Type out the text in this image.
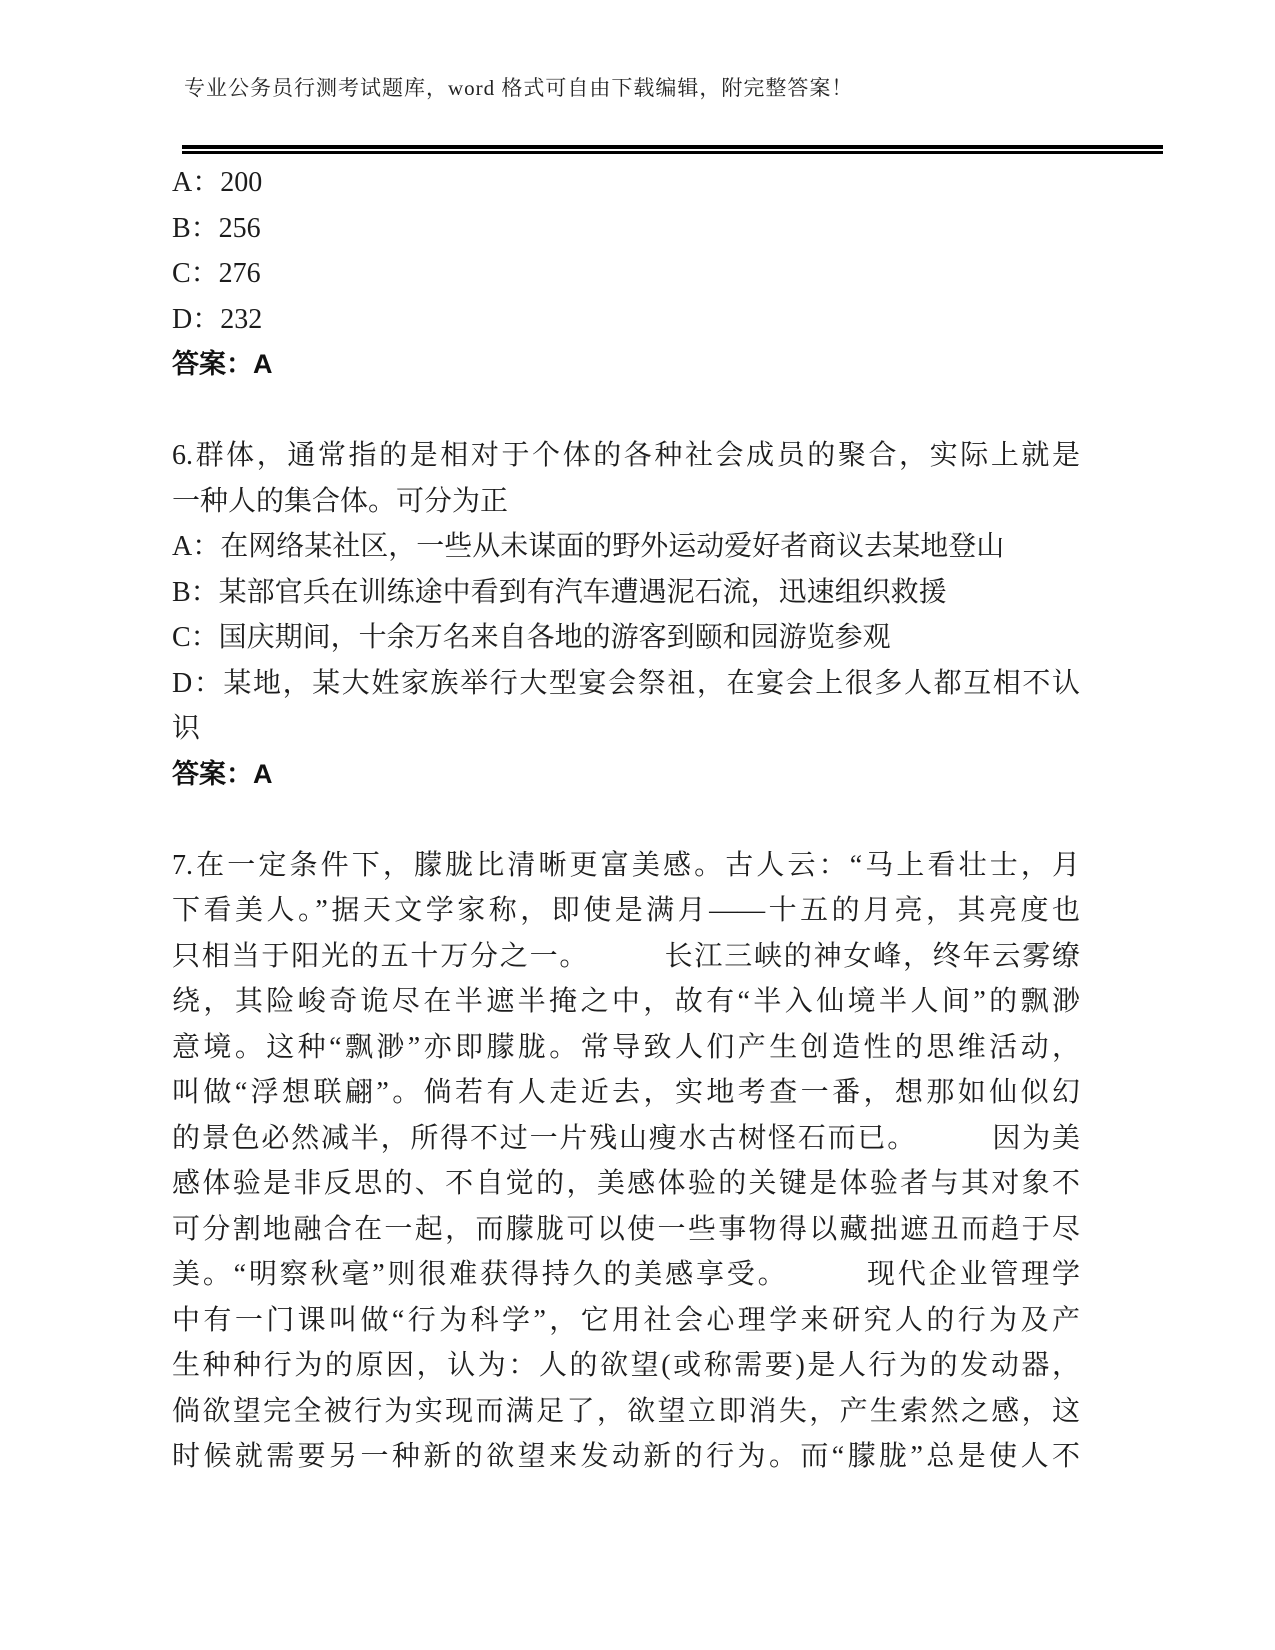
专业公务员行测考试题库，word 格式可自由下载编辑，附完整答案！
A：200
B：256
C：276
D：232
答案：A
6.群体，通常指的是相对于个体的各种社会成员的聚合，实际上就是
一种人的集合体。可分为正
A：在网络某社区，一些从未谋面的野外运动爱好者商议去某地登山
B：某部官兵在训练途中看到有汽车遭遇泥石流，迅速组织救援
C：国庆期间，十余万名来自各地的游客到颐和园游览参观
D：某地，某大姓家族举行大型宴会祭祖，在宴会上很多人都互相不认
识
答案：A
7.在一定条件下，朦胧比清晰更富美感。古人云：“马上看壮士，月
下看美人。”据天文学家称，即使是满月——十五的月亮，其亮度也
只相当于阳光的五十万分之一。　　　长江三峡的神女峰，终年云雾缭
绕，其险峻奇诡尽在半遮半掩之中，故有“半入仙境半人间”的飘渺
意境。这种“飘渺”亦即朦胧。常导致人们产生创造性的思维活动，
叫做“浮想联翩”。倘若有人走近去，实地考查一番，想那如仙似幻
的景色必然减半，所得不过一片残山瘦水古树怪石而已。　　　因为美
感体验是非反思的、不自觉的，美感体验的关键是体验者与其对象不
可分割地融合在一起，而朦胧可以使一些事物得以藏拙遮丑而趋于尽
美。“明察秋毫”则很难获得持久的美感享受。　　　现代企业管理学
中有一门课叫做“行为科学”，它用社会心理学来研究人的行为及产
生种种行为的原因，认为：人的欲望(或称需要)是人行为的发动器，
倘欲望完全被行为实现而满足了，欲望立即消失，产生索然之感，这
时候就需要另一种新的欲望来发动新的行为。而“朦胧”总是使人不
